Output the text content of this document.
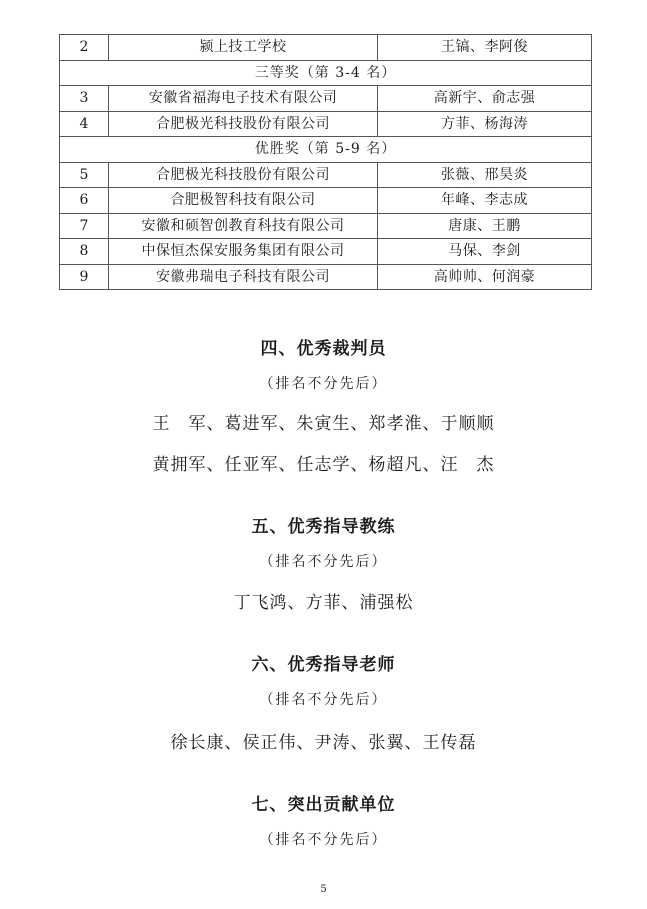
2	颍上技工学校	王镐、李阿俊
三等奖（第 3-4 名）		
3	安徽省福海电子技术有限公司	高新宇、俞志强
4	合肥极光科技股份有限公司	方菲、杨海涛
优胜奖（第 5-9 名）		
5	合肥极光科技股份有限公司	张薇、邢昊炎
6	合肥极智科技有限公司	年峰、李志成
7	安徽和硕智创教育科技有限公司	唐康、王鹏
8	中保恒杰保安服务集团有限公司	马保、李剑
9	安徽弗瑞电子科技有限公司	高帅帅、何润豪
四、优秀裁判员

（排名不分先后）

王　军、葛进军、朱寅生、郑孝淮、于顺顺

黄拥军、任亚军、任志学、杨超凡、汪　杰

五、优秀指导教练

（排名不分先后）

丁飞鸿、方菲、浦强松

六、优秀指导老师

（排名不分先后）

徐长康、侯正伟、尹涛、张翼、王传磊

七、突出贡献单位

（排名不分先后）

5
